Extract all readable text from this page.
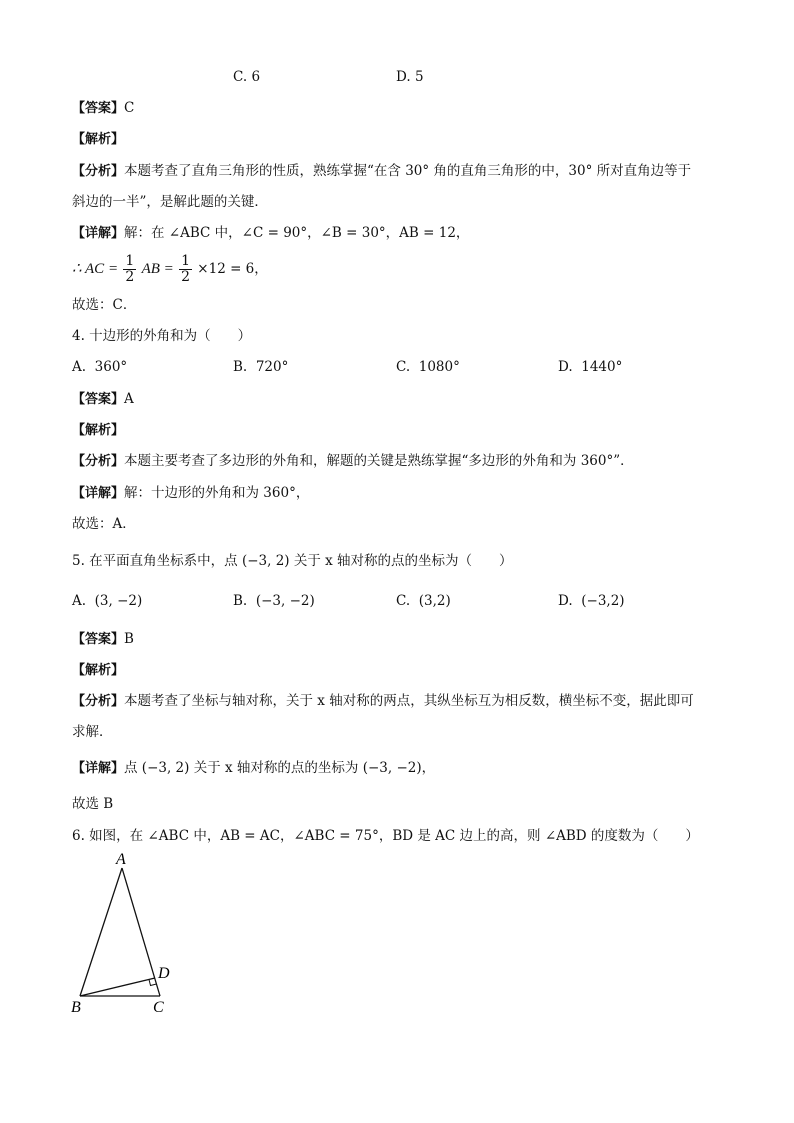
C. 6	D. 5
【答案】C
【解析】
【分析】本题考查了直角三角形的性质，熟练掌握“在含 30° 角的直角三角形的中，30° 所对直角边等于
斜边的一半”，是解此题的关键．
【详解】解：在 ∠ABC 中，∠C = 90°，∠B = 30°，AB = 12，
∴ AC = $\frac{1}{2}$ AB = $\frac{1}{2} \times 12 = 6$，
故选：C．
4. 十边形的外角和为（　　）
A. 360°	B. 720°	C. 1080°	D. 1440°
【答案】A
【解析】
【分析】本题主要考查了多边形的外角和，解题的关键是熟练掌握“多边形的外角和为 360°”．
【详解】解：十边形的外角和为 360°，
故选：A．
5. 在平面直角坐标系中，点 (−3, 2) 关于 x 轴对称的点的坐标为（　　）
A. (3, −2)	B. (−3, −2)	C. (3,2)	D. (−3,2)
【答案】B
【解析】
【分析】本题考查了坐标与轴对称，关于 x 轴对称的两点，其纵坐标互为相反数，横坐标不变，据此即可
求解．
【详解】点 (−3, 2) 关于 x 轴对称的点的坐标为 (−3, −2)，
故选 B
6. 如图，在 ∠ABC 中，AB = AC，∠ABC = 75°，BD 是 AC 边上的高，则 ∠ABD 的度数为（　　）
A
B	C
D
